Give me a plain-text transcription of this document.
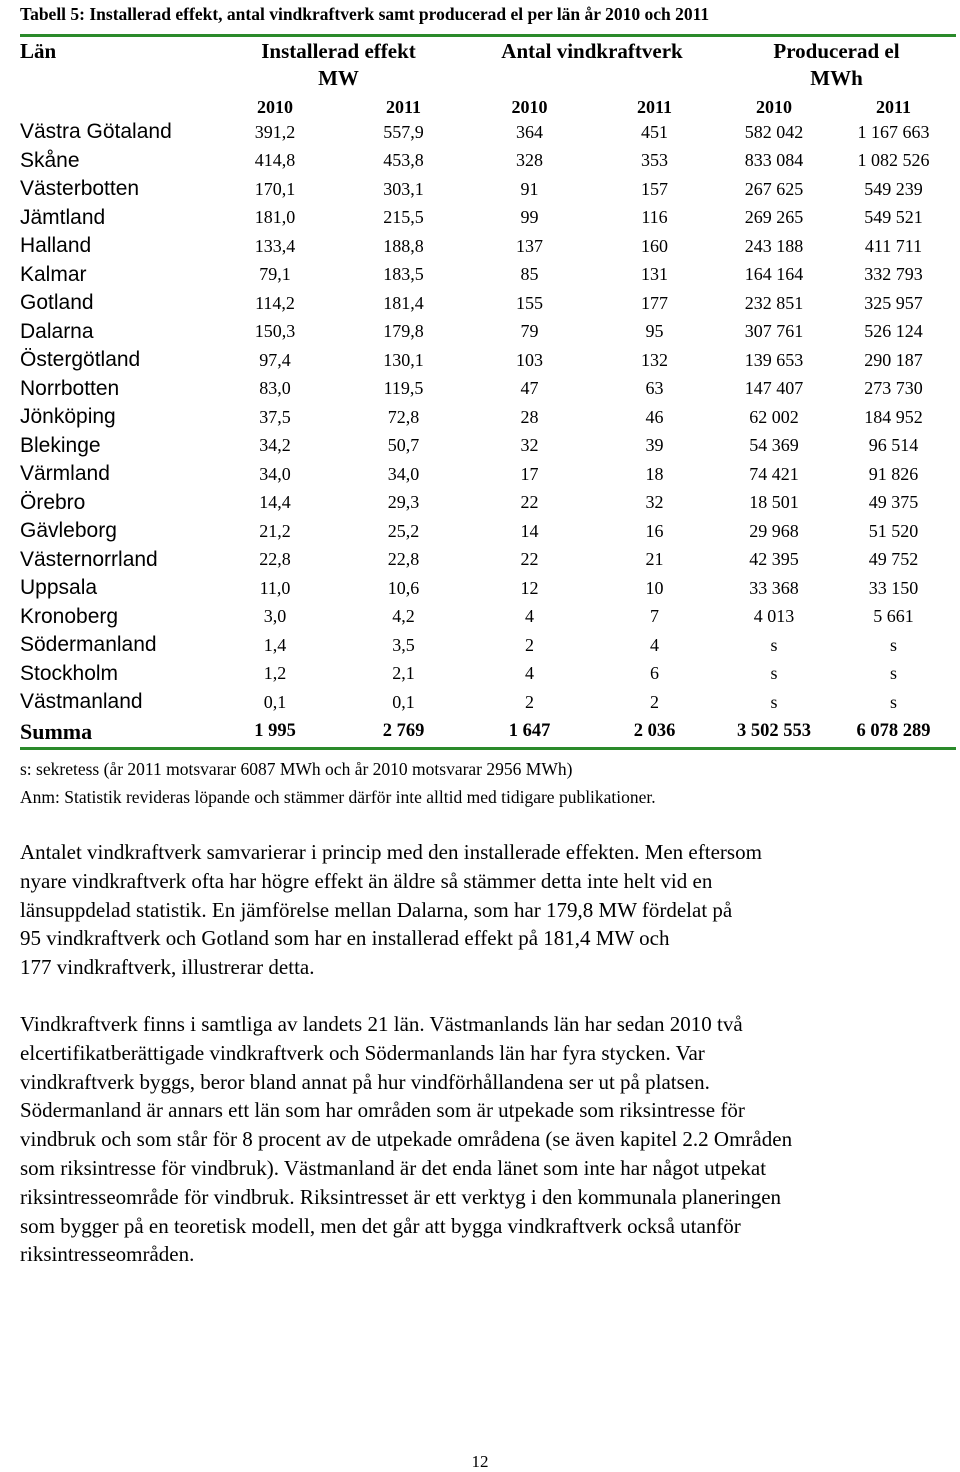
Tabell 5: Installerad effekt, antal vindkraftverk samt producerad el per län år 2010 och 2011
Län	Installerad effekt		Antal vindkraftverk		Producerad el	
	MW				MWh	
	2010	2011	2010	2011	2010	2011
Västra Götaland	391,2	557,9	364	451	582 042	1 167 663
Skåne	414,8	453,8	328	353	833 084	1 082 526
Västerbotten	170,1	303,1	91	157	267 625	549 239
Jämtland	181,0	215,5	99	116	269 265	549 521
Halland	133,4	188,8	137	160	243 188	411 711
Kalmar	79,1	183,5	85	131	164 164	332 793
Gotland	114,2	181,4	155	177	232 851	325 957
Dalarna	150,3	179,8	79	95	307 761	526 124
Östergötland	97,4	130,1	103	132	139 653	290 187
Norrbotten	83,0	119,5	47	63	147 407	273 730
Jönköping	37,5	72,8	28	46	62 002	184 952
Blekinge	34,2	50,7	32	39	54 369	96 514
Värmland	34,0	34,0	17	18	74 421	91 826
Örebro	14,4	29,3	22	32	18 501	49 375
Gävleborg	21,2	25,2	14	16	29 968	51 520
Västernorrland	22,8	22,8	22	21	42 395	49 752
Uppsala	11,0	10,6	12	10	33 368	33 150
Kronoberg	3,0	4,2	4	7	4 013	5 661
Södermanland	1,4	3,5	2	4	s	s
Stockholm	1,2	2,1	4	6	s	s
Västmanland	0,1	0,1	2	2	s	s
Summa	1 995	2 769	1 647	2 036	3 502 553	6 078 289
s: sekretess (år 2011 motsvarar 6087 MWh och år 2010 motsvarar 2956 MWh)
Anm: Statistik revideras löpande och stämmer därför inte alltid med tidigare publikationer.
Antalet vindkraftverk samvarierar i princip med den installerade effekten. Men eftersom
nyare vindkraftverk ofta har högre effekt än äldre så stämmer detta inte helt vid en
länsuppdelad statistik. En jämförelse mellan Dalarna, som har 179,8 MW fördelat på
95 vindkraftverk och Gotland som har en installerad effekt på 181,4 MW och
177 vindkraftverk, illustrerar detta.
Vindkraftverk finns i samtliga av landets 21 län. Västmanlands län har sedan 2010 två
elcertifikatberättigade vindkraftverk och Södermanlands län har fyra stycken. Var
vindkraftverk byggs, beror bland annat på hur vindförhållandena ser ut på platsen.
Södermanland är annars ett län som har områden som är utpekade som riksintresse för
vindbruk och som står för 8 procent av de utpekade områdena (se även kapitel 2.2 Områden
som riksintresse för vindbruk). Västmanland är det enda länet som inte har något utpekat
riksintresseområde för vindbruk. Riksintresset är ett verktyg i den kommunala planeringen
som bygger på en teoretisk modell, men det går att bygga vindkraftverk också utanför
riksintresseområden.
12
